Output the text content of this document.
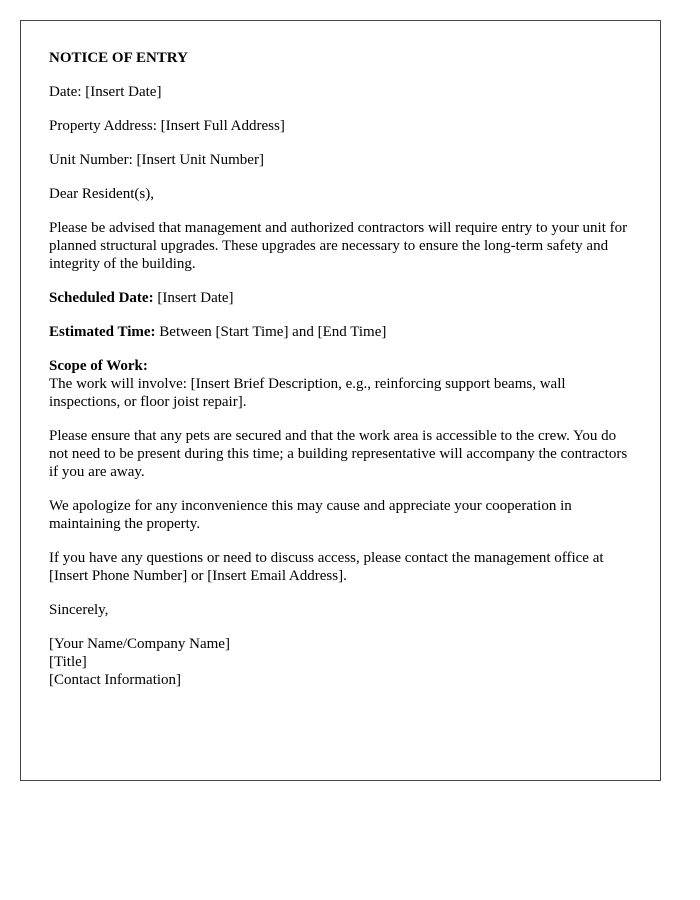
NOTICE OF ENTRY

Date: [Insert Date]

Property Address: [Insert Full Address]

Unit Number: [Insert Unit Number]

Dear Resident(s),

Please be advised that management and authorized contractors will require entry to your unit for planned structural upgrades. These upgrades are necessary to ensure the long-term safety and integrity of the building.

Scheduled Date: [Insert Date]

Estimated Time: Between [Start Time] and [End Time]

Scope of Work:
The work will involve: [Insert Brief Description, e.g., reinforcing support beams, wall inspections, or floor joist repair].

Please ensure that any pets are secured and that the work area is accessible to the crew. You do not need to be present during this time; a building representative will accompany the contractors if you are away.

We apologize for any inconvenience this may cause and appreciate your cooperation in maintaining the property.

If you have any questions or need to discuss access, please contact the management office at [Insert Phone Number] or [Insert Email Address].

Sincerely,

[Your Name/Company Name]
[Title]
[Contact Information]
